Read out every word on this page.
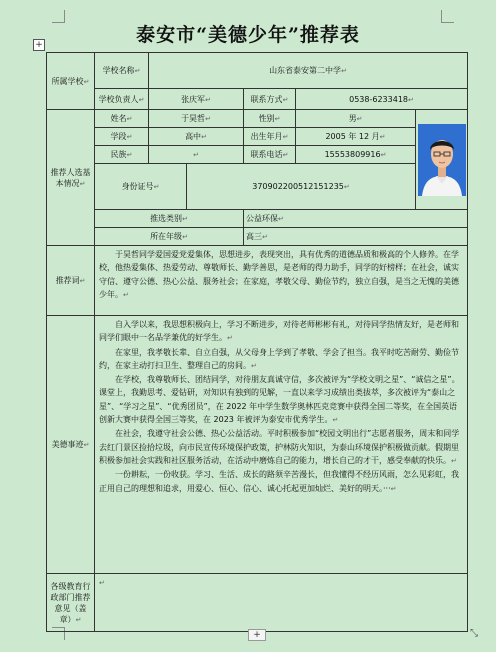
泰安市“美德少年”推荐表
+
所属学校↵	学校名称↵	山东省泰安第二中学↵				
	学校负责人↵	张庆军↵		联系方式↵	0538-6233418↵	
推荐人选基本情况↵	姓名↵	于昊哲↵		性别↵	男↵	

	学段↵	高中↵		出生年月↵	2005 年 12 月↵	
	民族↵	↵		联系电话↵	15553809916↵	
	身份证号↵		370902200512151235↵			
	推选类别↵			公益环保↵		
	所在年级↵			高三↵		
推荐词↵	于昊哲同学爱国爱党爱集体，思想进步，表现突出，具有优秀的道德品质和极高的个人修养。在学校，他热爱集体、热爱劳动、尊敬师长、勤学善思，是老师的得力助手，同学的好榜样；在社会，诚实守信、遵守公德、热心公益、服务社会；在家庭，孝敬父母、勤俭节约，独立自强，是当之无愧的美德少年。↵					

美德事迹↵	自入学以来，我思想积极向上，学习不断进步，对待老师彬彬有礼，对待同学热情友好，是老师和同学们眼中一名品学兼优的好学生。↵

在家里，我孝敬长辈、自立自强，从父母身上学到了孝敬、学会了担当。我平时吃苦耐劳、勤俭节约，在家主动打扫卫生、整理自己的房间。↵

在学校，我尊敬师长、团结同学，对待朋友真诚守信，多次被评为“学校文明之星”、“诚信之星”。课堂上，我勤思考、爱钻研，对知识有独到的见解，一直以来学习成绩出类拔萃，多次被评为“泰山之星”、“学习之星”、“优秀团员”，在 2022 年中学生数学奥林匹克竞赛中获得全国二等奖，在全国英语创新大赛中获得全国三等奖，在 2023 年被评为泰安市优秀学生。↵

在社会，我遵守社会公德、热心公益活动。平时积极参加“校园文明出行”志愿者服务，周末和同学去红门景区捡拾垃圾，向市民宣传环境保护政策，护林防火知识，为泰山环境保护积极做贡献。假期里积极参加社会实践和社区服务活动，在活动中磨炼自己的能力，增长自己的才干，感受奉献的快乐。↵

一份耕耘，一份收获。学习、生活、成长的路须辛苦漫长，但我懂得不经历风雨，怎么见彩虹，我正用自己的理想和追求，用爱心、恒心、信心、诚心托起更加灿烂、美好的明天。···↵					

各级教育行政部门推荐意见（盖章）↵	↵					
+	⤡
